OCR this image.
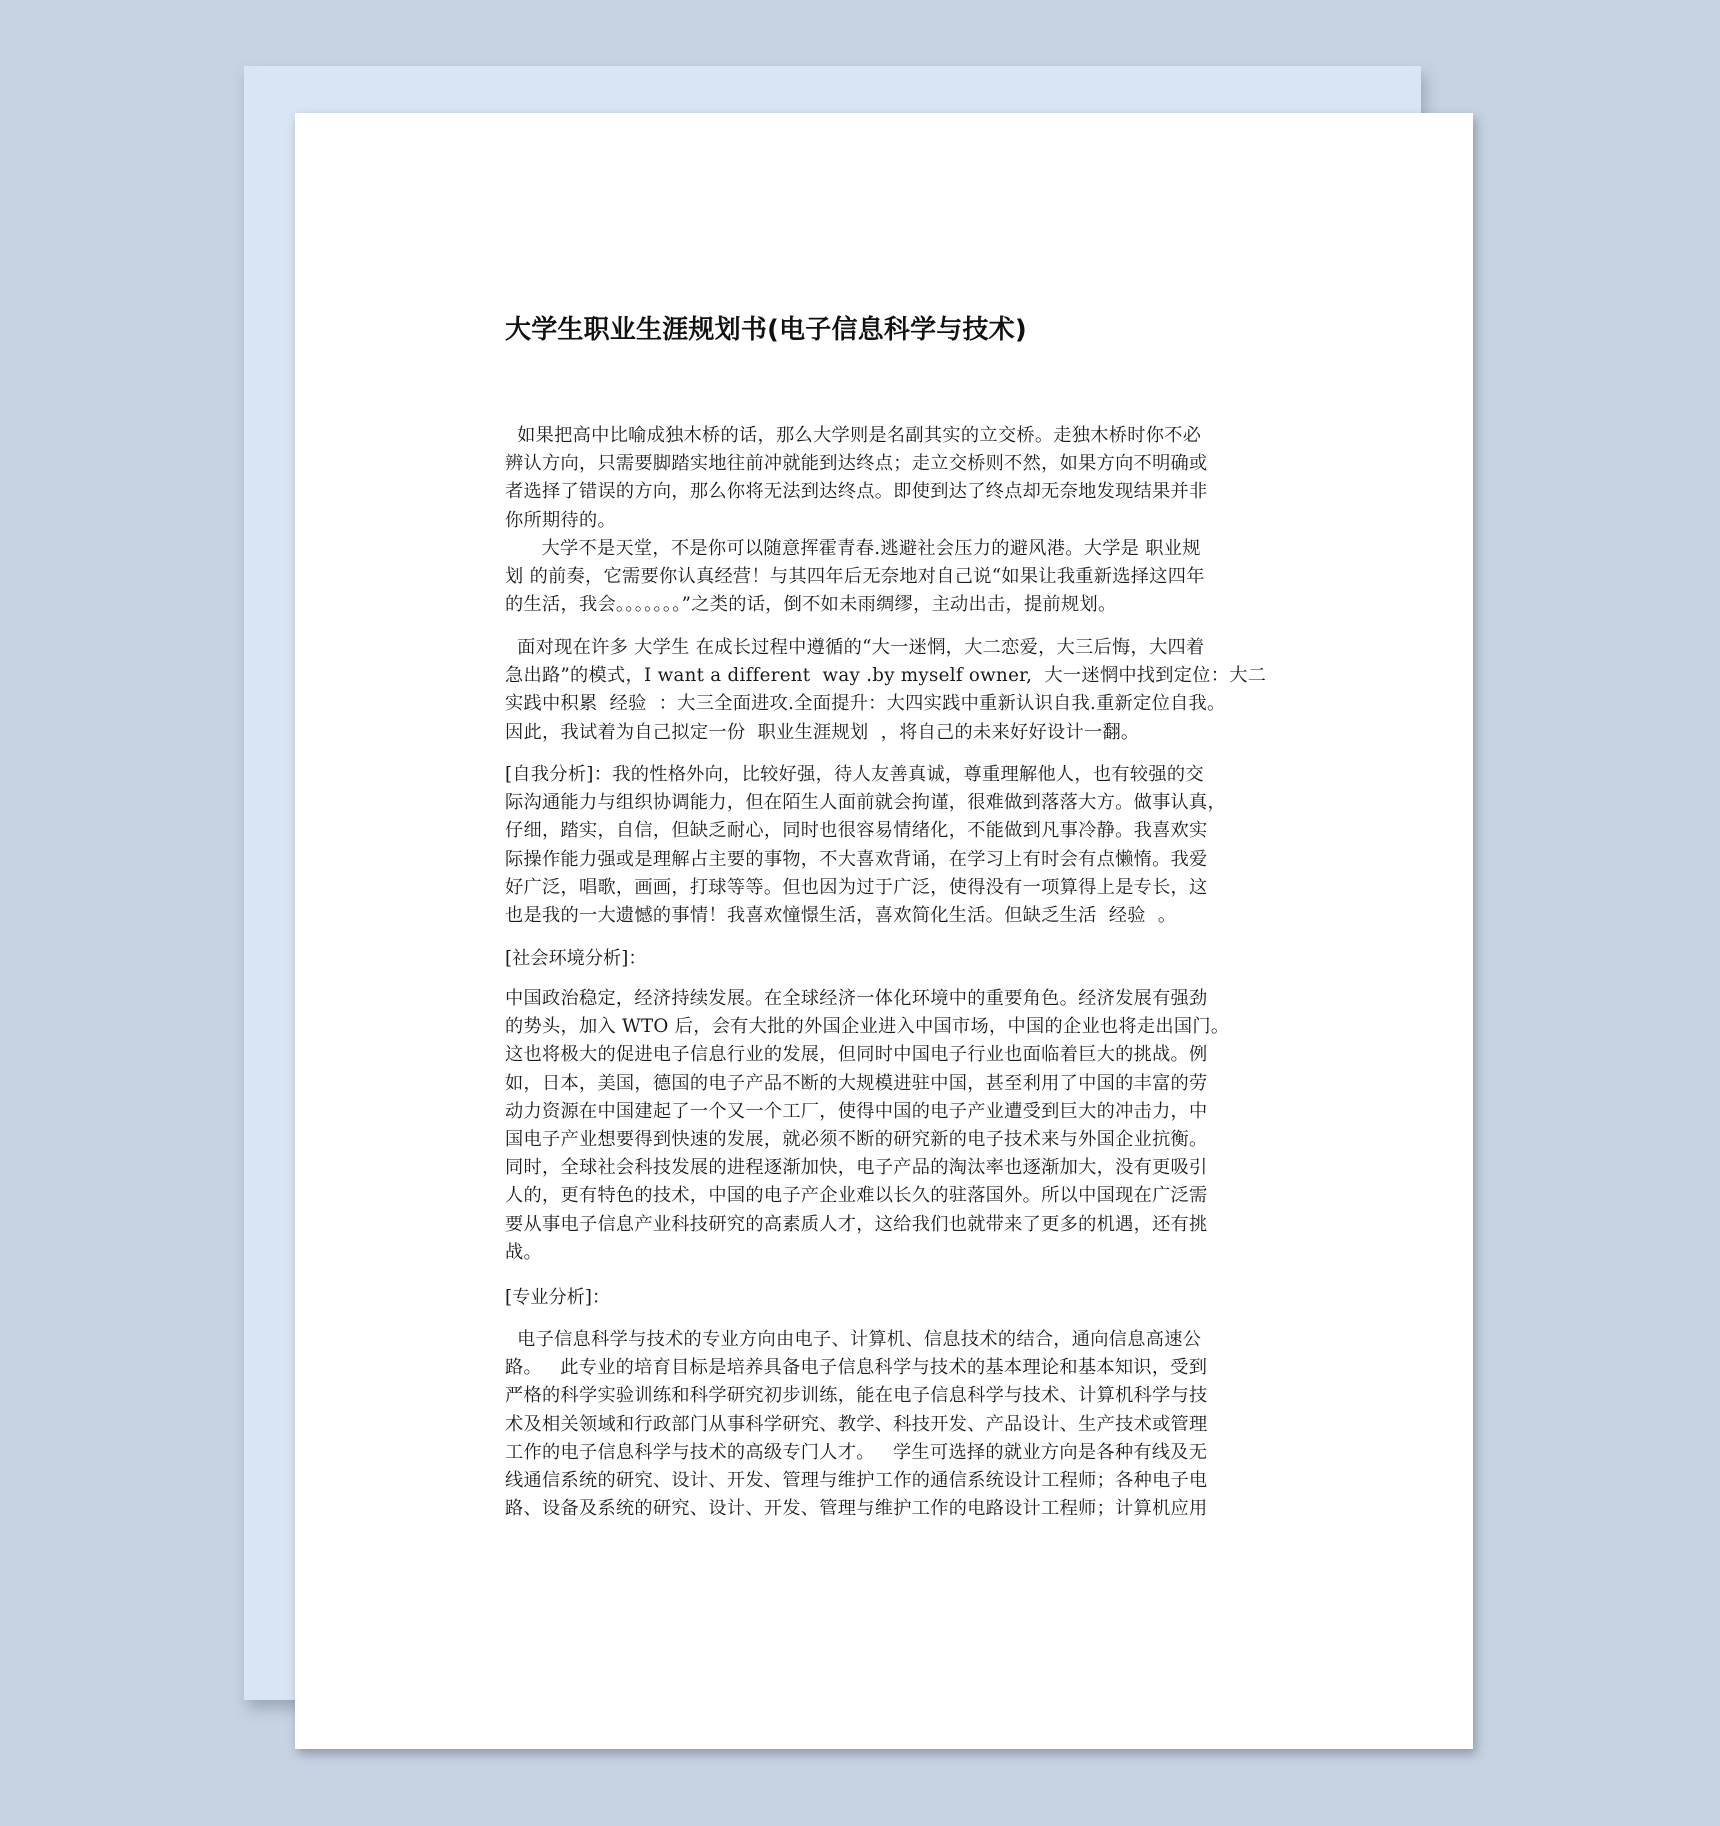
大学生职业生涯规划书(电子信息科学与技术)
如果把高中比喻成独木桥的话，那么大学则是名副其实的立交桥。走独木桥时你不必
辨认方向，只需要脚踏实地往前冲就能到达终点；走立交桥则不然，如果方向不明确或
者选择了错误的方向，那么你将无法到达终点。即使到达了终点却无奈地发现结果并非
你所期待的。
大学不是天堂，不是你可以随意挥霍青春.逃避社会压力的避风港。大学是 职业规
划 的前奏，它需要你认真经营！与其四年后无奈地对自己说“如果让我重新选择这四年
的生活，我会。。。。。。。”之类的话，倒不如未雨绸缪，主动出击，提前规划。
面对现在许多 大学生 在成长过程中遵循的“大一迷惘，大二恋爱，大三后悔，大四着
急出路”的模式，I want a different  way .by myself owner,  大一迷惘中找到定位：大二
实践中积累  经验  ：大三全面进攻.全面提升：大四实践中重新认识自我.重新定位自我。
因此，我试着为自己拟定一份  职业生涯规划  ，将自己的未来好好设计一翻。
[自我分析]：我的性格外向，比较好强，待人友善真诚，尊重理解他人，也有较强的交
际沟通能力与组织协调能力，但在陌生人面前就会拘谨，很难做到落落大方。做事认真，
仔细，踏实，自信，但缺乏耐心，同时也很容易情绪化，不能做到凡事冷静。我喜欢实
际操作能力强或是理解占主要的事物，不大喜欢背诵，在学习上有时会有点懒惰。我爱
好广泛，唱歌，画画，打球等等。但也因为过于广泛，使得没有一项算得上是专长，这
也是我的一大遗憾的事情！我喜欢憧憬生活，喜欢简化生活。但缺乏生活  经验  。
[社会环境分析]：
中国政治稳定，经济持续发展。在全球经济一体化环境中的重要角色。经济发展有强劲
的势头，加入 WTO 后，会有大批的外国企业进入中国市场，中国的企业也将走出国门。
这也将极大的促进电子信息行业的发展，但同时中国电子行业也面临着巨大的挑战。例
如，日本，美国，德国的电子产品不断的大规模进驻中国，甚至利用了中国的丰富的劳
动力资源在中国建起了一个又一个工厂，使得中国的电子产业遭受到巨大的冲击力，中
国电子产业想要得到快速的发展，就必须不断的研究新的电子技术来与外国企业抗衡。
同时，全球社会科技发展的进程逐渐加快，电子产品的淘汰率也逐渐加大，没有更吸引
人的，更有特色的技术，中国的电子产企业难以长久的驻落国外。所以中国现在广泛需
要从事电子信息产业科技研究的高素质人才，这给我们也就带来了更多的机遇，还有挑
战。
[专业分析]：
电子信息科学与技术的专业方向由电子、计算机、信息技术的结合，通向信息高速公
路。   此专业的培育目标是培养具备电子信息科学与技术的基本理论和基本知识，受到
严格的科学实验训练和科学研究初步训练，能在电子信息科学与技术、计算机科学与技
术及相关领域和行政部门从事科学研究、教学、科技开发、产品设计、生产技术或管理
工作的电子信息科学与技术的高级专门人才。   学生可选择的就业方向是各种有线及无
线通信系统的研究、设计、开发、管理与维护工作的通信系统设计工程师；各种电子电
路、设备及系统的研究、设计、开发、管理与维护工作的电路设计工程师；计算机应用
